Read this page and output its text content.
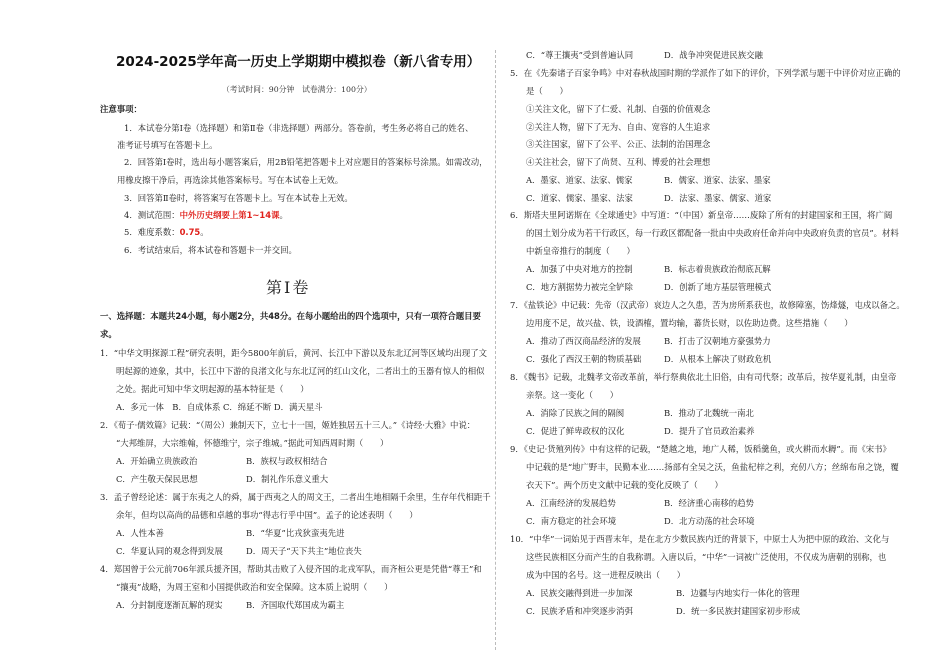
2024-2025学年高一历史上学期期中模拟卷（新八省专用）
（考试时间：90分钟　试卷满分：100分）
注意事项：
1．本试卷分第Ⅰ卷（选择题）和第Ⅱ卷（非选择题）两部分。答卷前，考生务必将自己的姓名、
准考证号填写在答题卡上。
2．回答第Ⅰ卷时，选出每小题答案后，用2B铅笔把答题卡上对应题目的答案标号涂黑。如需改动，
用橡皮擦干净后，再选涂其他答案标号。写在本试卷上无效。
3．回答第Ⅱ卷时，将答案写在答题卡上。写在本试卷上无效。
4．测试范围：中外历史纲要上第1~14课。
5．难度系数：0.75。
6．考试结束后，将本试卷和答题卡一并交回。
第Ⅰ卷
一、选择题：本题共24小题，每小题2分，共48分。在每小题给出的四个选项中，只有一项符合题目要
求。
1．“中华文明探源工程”研究表明，距今5800年前后，黄河、长江中下游以及东北辽河等区域均出现了文
明起源的迹象，其中，长江中下游的良渚文化与东北辽河的红山文化，二者出土的玉器有惊人的相似
之处。据此可知中华文明起源的基本特征是（　　）
A．多元一体　B．自成体系 C．绵延不断 D．满天星斗
2．《荀子·儒效篇》记载：“（周公）兼制天下，立七十一国，姬姓独居五十三人。”《诗经·大雅》中说：
“大邦维屏，大宗维翰，怀德维宁，宗子维城。”据此可知西周时期（　　）
A．开始确立贵族政治	B．族权与政权相结合
C．产生敬天保民思想	D．制礼作乐意义重大
3．孟子曾经论述：属于东夷之人的舜，属于西夷之人的周文王，二者出生地相隔千余里，生存年代相距千
余年，但均以高尚的品德和卓越的事功“得志行乎中国”。孟子的论述表明（　　）
A．人性本善	B．“华夏”比戎狄蛮夷先进
C．华夏认同的观念得到发展	D．周天子“天下共主”地位丧失
4．郑国曾于公元前706年派兵援齐国，帮助其击败了入侵齐国的北戎军队，而齐桓公更是凭借“尊王”和
“攘夷”战略，为周王室和小国提供政治和安全保障。这本质上说明（　　）
A．分封制度逐渐瓦解的现实	B．齐国取代郑国成为霸主
C．“尊王攘夷”受到普遍认同	D．战争冲突促进民族交融
5．在《先秦诸子百家争鸣》中对春秋战国时期的学派作了如下的评价，下列学派与题干中评价对应正确的
是（　　）
①关注文化，留下了仁爱、礼制、自强的价值观念
②关注人物，留下了无为、自由、宽容的人生追求
③关注国家，留下了公平、公正、法制的治国理念
④关注社会，留下了尚贤、互利、博爱的社会理想
A．墨家、道家、法家、儒家	B．儒家、道家、法家、墨家
C．道家、儒家、墨家、法家	D．法家、墨家、儒家、道家
6．斯塔夫里阿诺斯在《全球通史》中写道：“（中国）新皇帝……废除了所有的封建国家和王国，将广阔
的国土划分成为若干行政区，每一行政区都配备一批由中央政府任命并向中央政府负责的官员”。材料
中新皇帝推行的制度（　　）
A．加强了中央对地方的控制	B．标志着贵族政治彻底瓦解
C．地方割据势力被完全铲除	D．创新了地方基层管理模式
7．《盐铁论》中记载：先帝（汉武帝）哀边人之久患，苦为房所系获也，故修障塞，饬烽燧，屯戍以备之。
边用度不足，故兴盐、铁，设酒榷，置均输，蕃货长财，以佐助边费。这些措施（　　）
A．推动了西汉商品经济的发展	B．打击了汉朝地方豪强势力
C．强化了西汉王朝的物质基础	D．从根本上解决了财政危机
8．《魏书》记载，北魏孝文帝改革前，举行祭典依北土旧俗，由有司代祭；改革后，按华夏礼制，由皇帝
亲祭。这一变化（　　）
A．消除了民族之间的隔阂	B．推动了北魏统一南北
C．促进了鲜卑政权的汉化	D．提升了官员政治素养
9．《史记·货殖列传》中有这样的记载，“楚越之地，地广人稀，饭稻羹鱼，或火耕而水耨”。而《宋书》
中记载的是“地广野丰，民勤本业……扬部有全吴之沃，鱼盐杞梓之利，充仞八方；丝绵布帛之饶，覆
衣天下”。两个历史文献中记载的变化反映了（　　）
A．江南经济的发展趋势	B．经济重心南移的趋势
C．南方稳定的社会环境	D．北方动荡的社会环境
10．“中华”一词始见于西晋末年，是在北方少数民族内迁的背景下，中原士人为把中原的政治、文化与
这些民族相区分而产生的自我称谓。入唐以后，“中华”一词被广泛使用，不仅成为唐朝的别称，也
成为中国的名号。这一进程反映出（　　）
A．民族交融得到进一步加深	B．边疆与内地实行一体化的管理
C．民族矛盾和冲突逐步消弭	D．统一多民族封建国家初步形成
